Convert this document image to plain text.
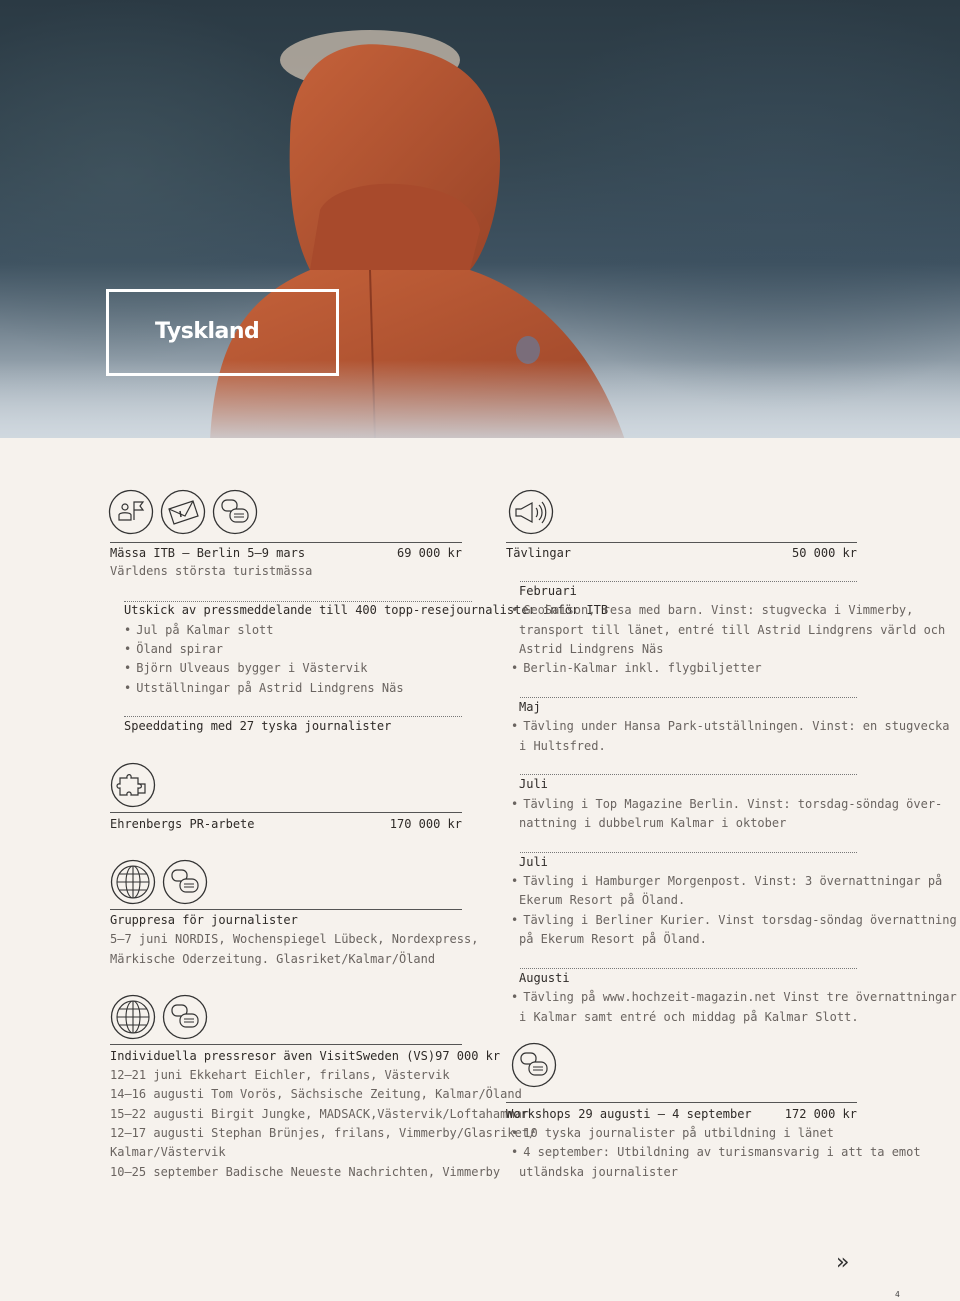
Tyskland
Mässa ITB — Berlin 5–9 mars	69 000 kr
Världens största turistmässa
Utskick av pressmeddelande till 400 topp-resejournalister inför ITB
• Jul på Kalmar slott
• Öland spirar
• Björn Ulveaus bygger i Västervik
• Utställningar på Astrid Lindgrens Näs
Speeddating med 27 tyska journalister
Ehrenbergs PR-arbete	170 000 kr
Gruppresa för journalister
5–7 juni NORDIS, Wochenspiegel Lübeck, Nordexpress,
Märkische Oderzeitung. Glasriket/Kalmar/Öland
Individuella pressresor även VisitSweden (VS) 97 000 kr
12–21 juni Ekkehart Eichler, frilans, Västervik
14–16 augusti Tom Vorös, Sächsische Zeitung, Kalmar/Öland
15–22 augusti Birgit Jungke, MADSACK,Västervik/Loftahammar
12–17 augusti Stephan Brünjes, frilans, Vimmerby/Glasriket/
Kalmar/Västervik
10–25 september Badische Neueste Nachrichten, Vimmerby
Tävlingar	50 000 kr
Februari
• GeoSaison, resa med barn. Vinst: stugvecka i Vimmerby,
transport till länet, entré till Astrid Lindgrens värld och
Astrid Lindgrens Näs
• Berlin-Kalmar inkl. flygbiljetter
Maj
• Tävling under Hansa Park-utställningen. Vinst: en stugvecka
i Hultsfred.
Juli
• Tävling i Top Magazine Berlin. Vinst: torsdag-söndag över-
nattning i dubbelrum Kalmar i oktober
Juli
• Tävling i Hamburger Morgenpost. Vinst: 3 övernattningar på
Ekerum Resort på Öland.
• Tävling i Berliner Kurier. Vinst torsdag-söndag övernattning
på Ekerum Resort på Öland.
Augusti
• Tävling på www.hochzeit-magazin.net Vinst tre övernattningar
i Kalmar samt entré och middag på Kalmar Slott.
Workshops 29 augusti — 4 september	172 000 kr
• 10 tyska journalister på utbildning i länet
• 4 september: Utbildning av turismansvarig i att ta emot
utländska journalister
»
4
